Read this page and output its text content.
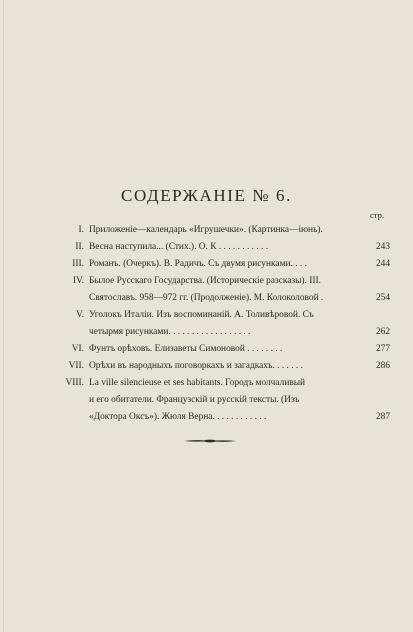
СОДЕРЖАНІЕ № 6.
стр.
I. Приложеніе—календарь «Игрушечки». (Картинка—іюнь).
II. Весна наступила... (Стих.). О. К . . . . . . . . . . .	243
III. Романъ. (Очеркъ). В. Радичъ. Съ двумя рисунками. . . .	244
IV. Былое Русскаго Государства. (Историческіе разсказы). III.
Святославъ. 958—972 гг. (Продолженіе). М. Колоколовой .	254
V. Уголокъ Италіи. Изъ воспоминаній. А. Толивѣровой. Съ
четырмя рисунками. . . . . . . . . . . . . . . . . .	262
VI. Фунтъ орѣховъ. Елизаветы Симоновой . . . . . . . .	277
VII. Орѣхи въ народныхъ поговоркахъ и загадкахъ. . . . . . .	286
VIII. La ville silencieuse et ses habitants. Городъ молчаливый
и его обитатели. Французскій и русскій тексты. (Изъ
«Доктора Оксъ»). Жюля Верна. . . . . . . . . . . .	287
